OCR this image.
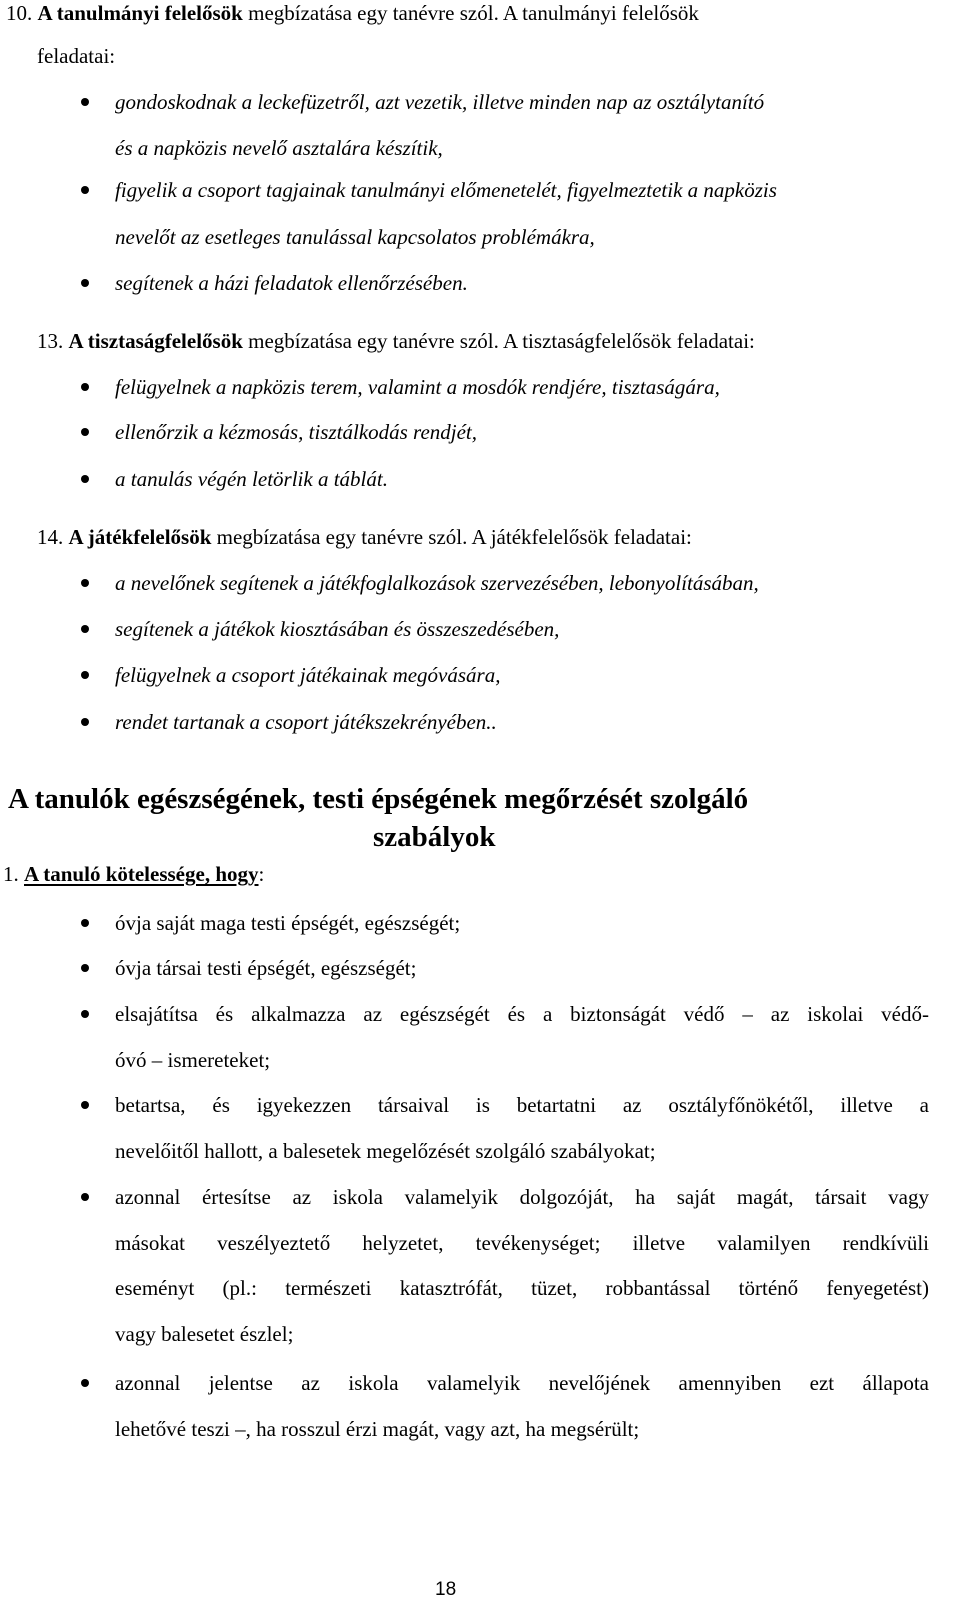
10. A tanulmányi felelősök megbízatása egy tanévre szól. A tanulmányi felelősök
feladatai:
gondoskodnak a leckefüzetről, azt vezetik, illetve minden nap az osztálytanító
és a napközis nevelő asztalára készítik,
figyelik a csoport tagjainak tanulmányi előmenetelét, figyelmeztetik a napközis
nevelőt az esetleges tanulással kapcsolatos problémákra,
segítenek a házi feladatok ellenőrzésében.
13. A tisztaságfelelősök megbízatása egy tanévre szól. A tisztaságfelelősök feladatai:
felügyelnek a napközis terem, valamint a mosdók rendjére, tisztaságára,
ellenőrzik a kézmosás, tisztálkodás rendjét,
a tanulás végén letörlik a táblát.
14. A játékfelelősök megbízatása egy tanévre szól. A játékfelelősök feladatai:
a nevelőnek segítenek a játékfoglalkozások szervezésében, lebonyolításában,
segítenek a játékok kiosztásában és összeszedésében,
felügyelnek a csoport játékainak megóvására,
rendet tartanak a csoport játékszekrényében..
A tanulók egészségének, testi épségének megőrzését szolgáló
szabályok
1. A tanuló kötelessége, hogy:
óvja saját maga testi épségét, egészségét;
óvja társai testi épségét, egészségét;
elsajátítsa és alkalmazza az egészségét és a biztonságát védő – az iskolai védő-
óvó – ismereteket;
betartsa, és igyekezzen társaival is betartatni az osztályfőnökétől, illetve a
nevelőitől hallott, a balesetek megelőzését szolgáló szabályokat;
azonnal értesítse az iskola valamelyik dolgozóját, ha saját magát, társait vagy
másokat veszélyeztető helyzetet, tevékenységet; illetve valamilyen rendkívüli
eseményt (pl.: természeti katasztrófát, tüzet, robbantással történő fenyegetést)
vagy balesetet észlel;
azonnal jelentse az iskola valamelyik nevelőjének amennyiben ezt állapota
lehetővé teszi –, ha rosszul érzi magát, vagy azt, ha megsérült;
18
